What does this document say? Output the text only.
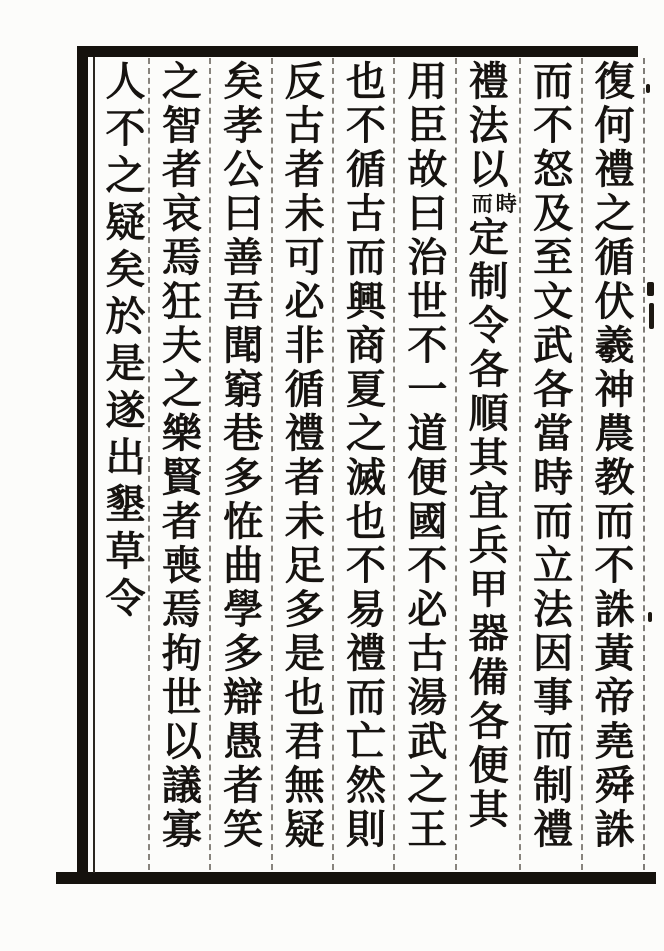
復何禮之循伏羲神農教而不誅黃帝堯舜誅
而不怒及至文武各當時而立法因事而制禮
禮法以時而定制令各順其宜兵甲器備各便其
用臣故曰治世不一道便國不必古湯武之王
也不循古而興商夏之滅也不易禮而亡然則
反古者未可必非循禮者未足多是也君無疑
矣孝公曰善吾聞窮巷多恠曲學多辯愚者笑
之智者哀焉狂夫之樂賢者喪焉拘世以議寡
人不之疑矣於是遂出墾草令
